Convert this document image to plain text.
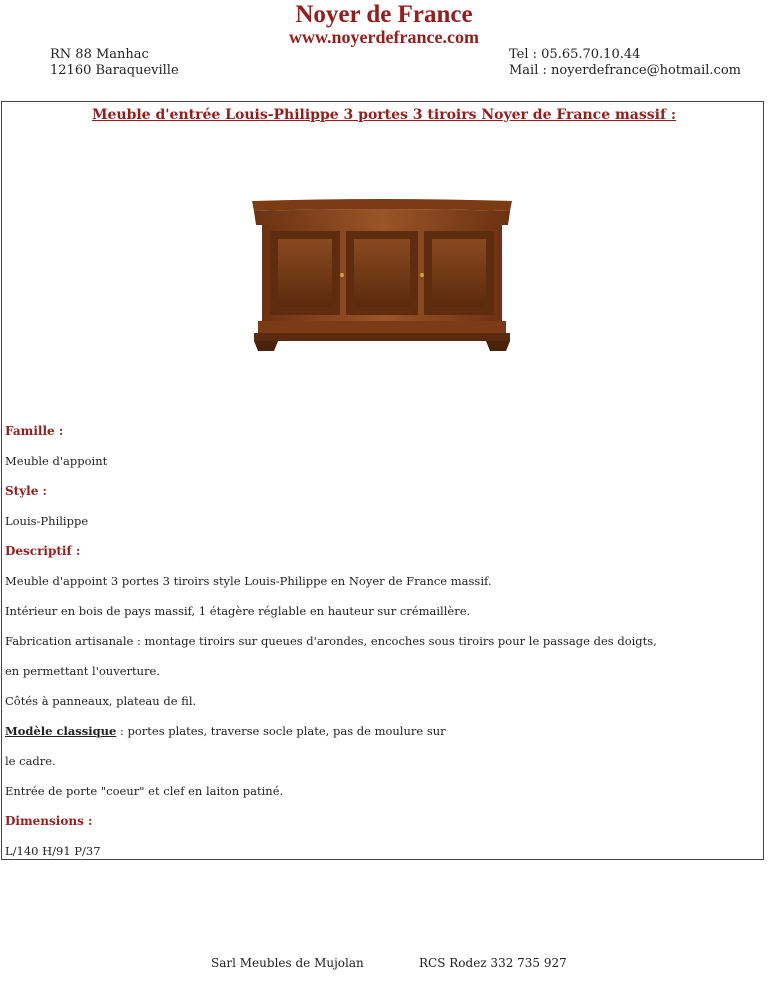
Noyer de France
www.noyerdefrance.com
RN 88 Manhac
12160 Baraqueville
Tel : 05.65.70.10.44
Mail : noyerdefrance@hotmail.com
Meuble d'entrée Louis-Philippe 3 portes 3 tiroirs Noyer de France massif :
Famille :
Meuble d'appoint
Style :
Louis-Philippe
Descriptif :
Meuble d'appoint 3 portes 3 tiroirs style Louis-Philippe en Noyer de France massif.
Intérieur en bois de pays massif, 1 étagère réglable en hauteur sur crémaillère.
Fabrication artisanale : montage tiroirs sur queues d'arondes, encoches sous tiroirs pour le passage des doigts,
en permettant l'ouverture.
Côtés à panneaux, plateau de fil.
Modèle classique : portes plates, traverse socle plate, pas de moulure sur
le cadre.
Entrée de porte "coeur" et clef en laiton patiné.
Dimensions :
L/140 H/91 P/37
Sarl Meubles de Mujolan	RCS Rodez 332 735 927
